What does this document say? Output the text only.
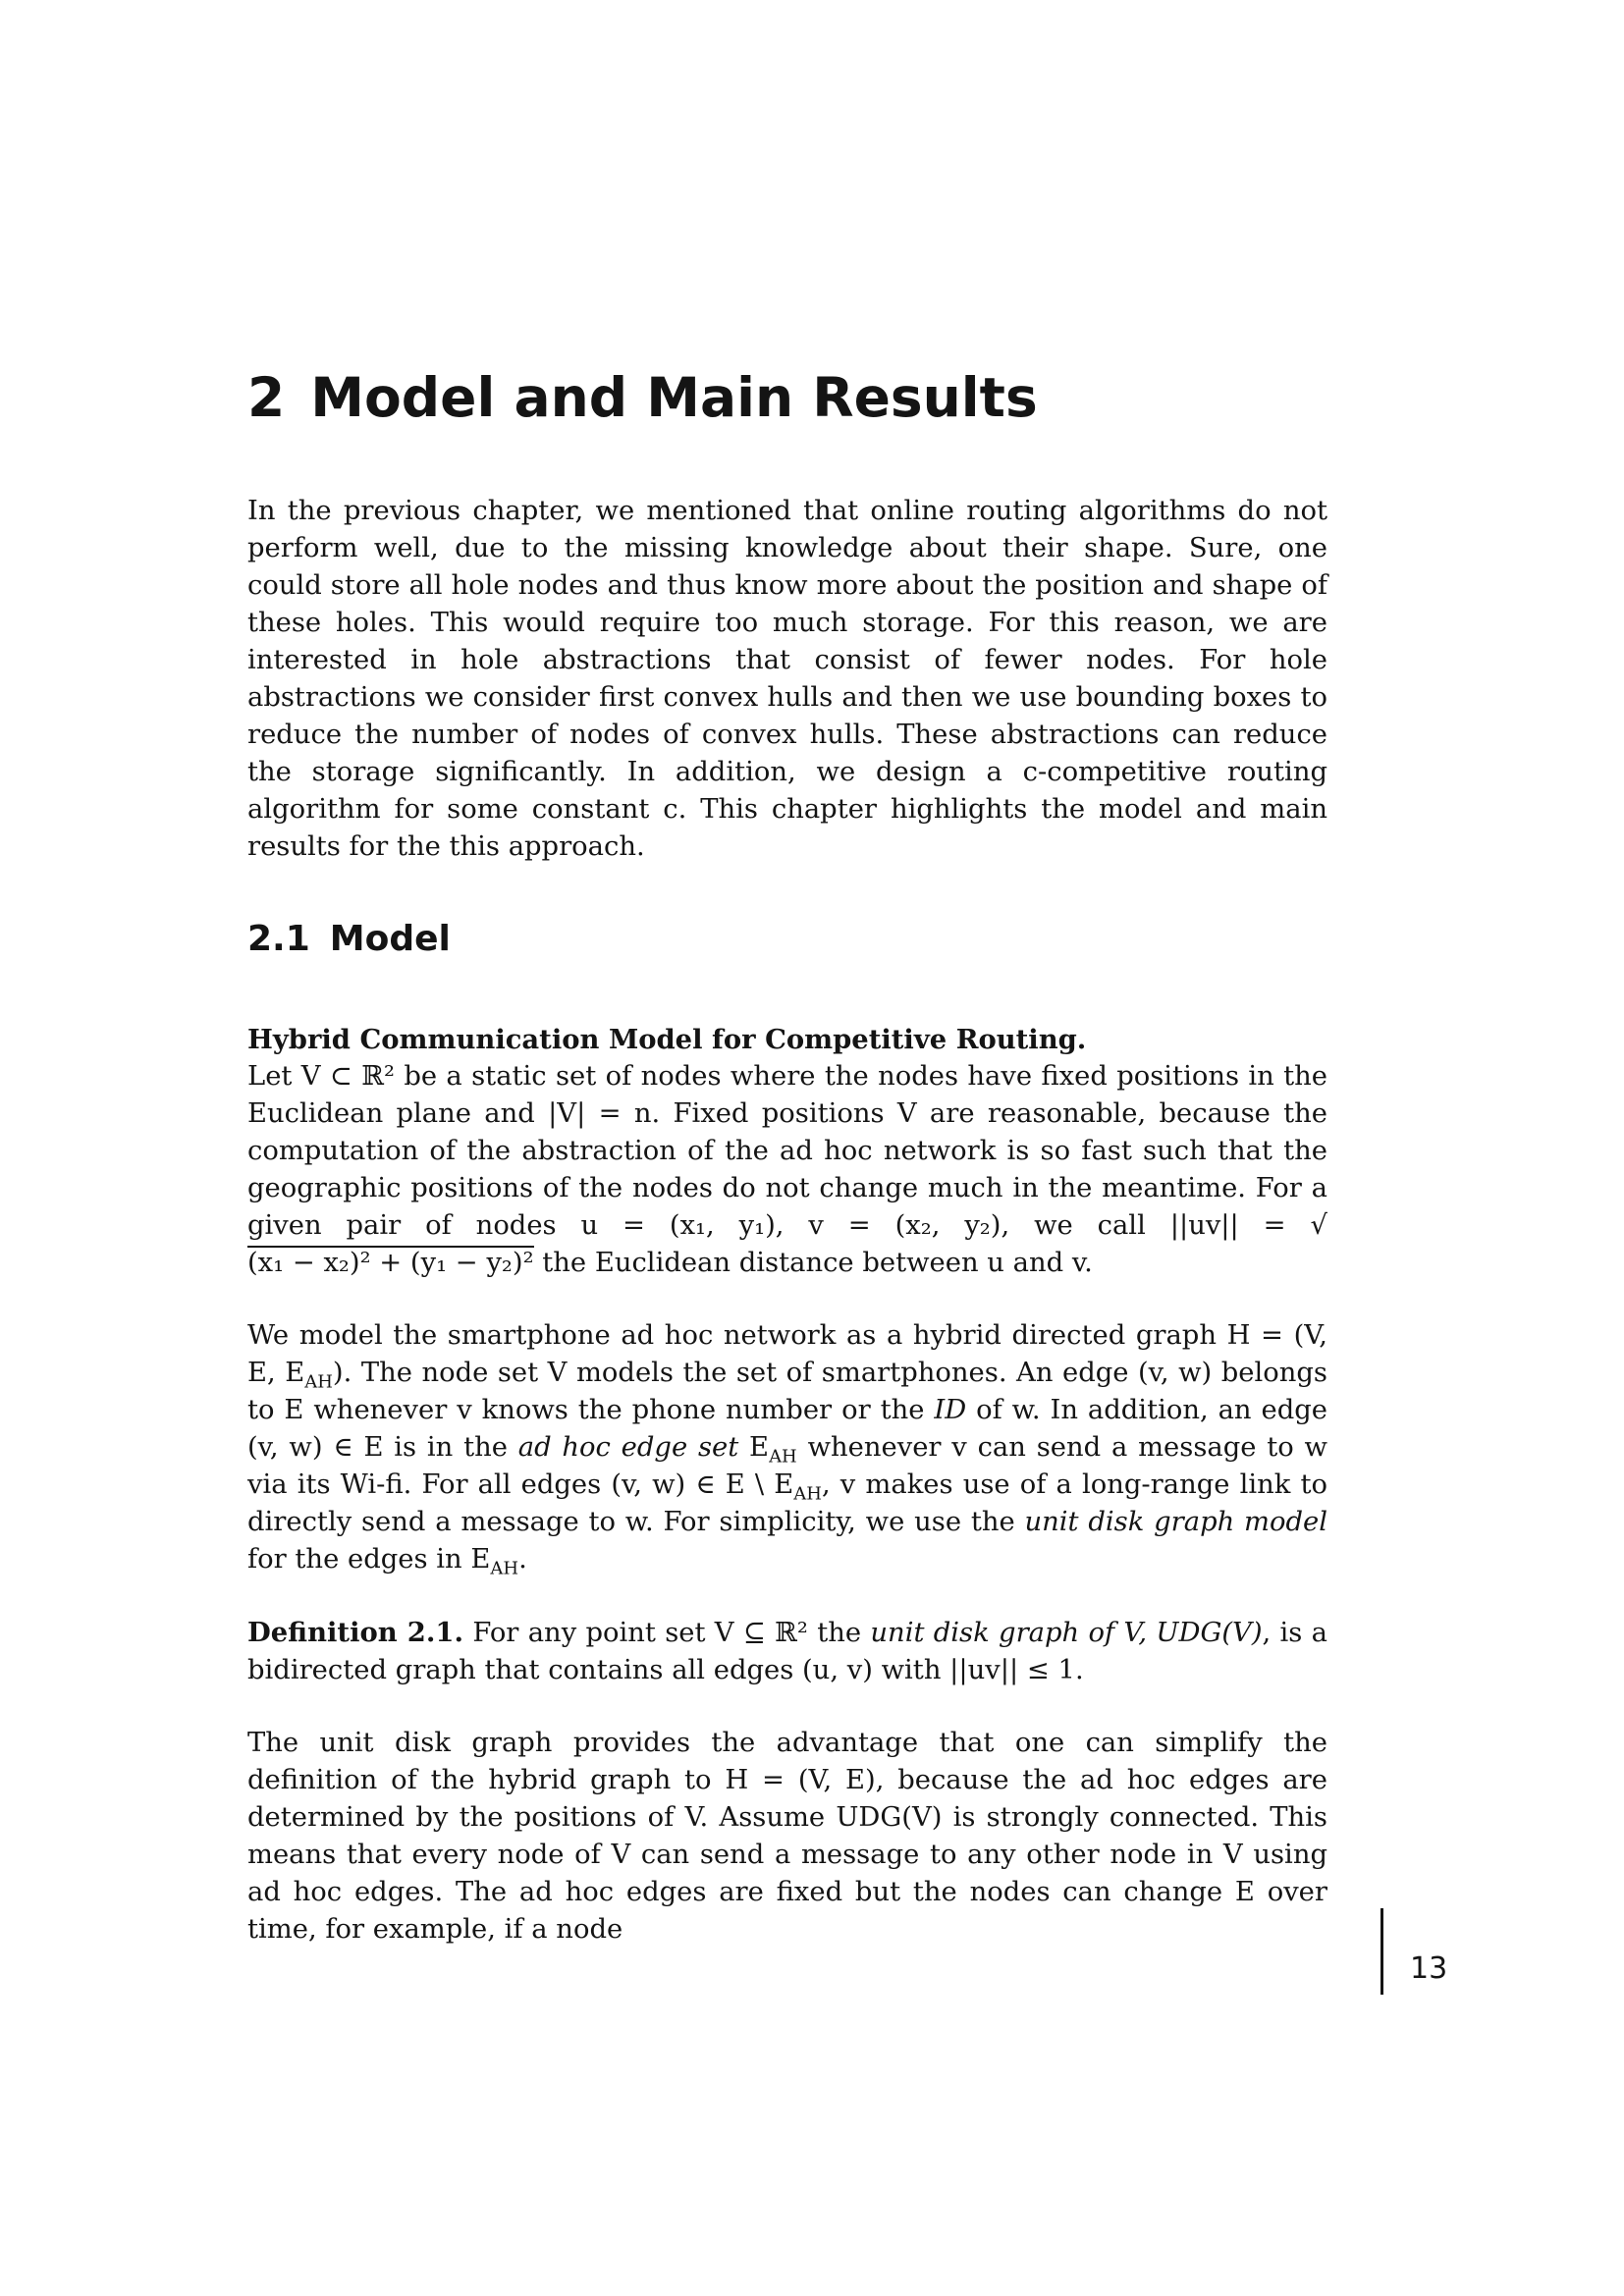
2 Model and Main Results

In the previous chapter, we mentioned that online routing algorithms do not perform well, due to the missing knowledge about their shape. Sure, one could store all hole nodes and thus know more about the position and shape of these holes. This would require too much storage. For this reason, we are interested in hole abstractions that consist of fewer nodes. For hole abstractions we consider first convex hulls and then we use bounding boxes to reduce the number of nodes of convex hulls. These abstractions can reduce the storage significantly. In addition, we design a c-competitive routing algorithm for some constant c. This chapter highlights the model and main results for the this approach.

2.1 Model
Hybrid Communication Model for Competitive Routing.

Let V ⊂ ℝ² be a static set of nodes where the nodes have fixed positions in the Euclidean plane and |V| = n. Fixed positions V are reasonable, because the computation of the abstraction of the ad hoc network is so fast such that the geographic positions of the nodes do not change much in the meantime. For a given pair of nodes u = (x₁, y₁), v = (x₂, y₂), we call ||uv|| = √(x₁ − x₂)² + (y₁ − y₂)² the Euclidean distance between u and v.

We model the smartphone ad hoc network as a hybrid directed graph H = (V, E, $E_{AH}$). The node set V models the set of smartphones. An edge (v, w) belongs to E whenever v knows the phone number or the ID of w. In addition, an edge (v, w) ∈ E is in the ad hoc edge set $E_{AH}$ whenever v can send a message to w via its Wi-fi. For all edges (v, w) ∈ E \ $E_{AH}$, v makes use of a long-range link to directly send a message to w. For simplicity, we use the unit disk graph model for the edges in $E_{AH}$.

Definition 2.1. For any point set V ⊆ ℝ² the unit disk graph of V, UDG(V), is a bidirected graph that contains all edges (u, v) with ||uv|| ≤ 1.

The unit disk graph provides the advantage that one can simplify the definition of the hybrid graph to H = (V, E), because the ad hoc edges are determined by the positions of V. Assume UDG(V) is strongly connected. This means that every node of V can send a message to any other node in V using ad hoc edges. The ad hoc edges are fixed but the nodes can change E over time, for example, if a node

13
